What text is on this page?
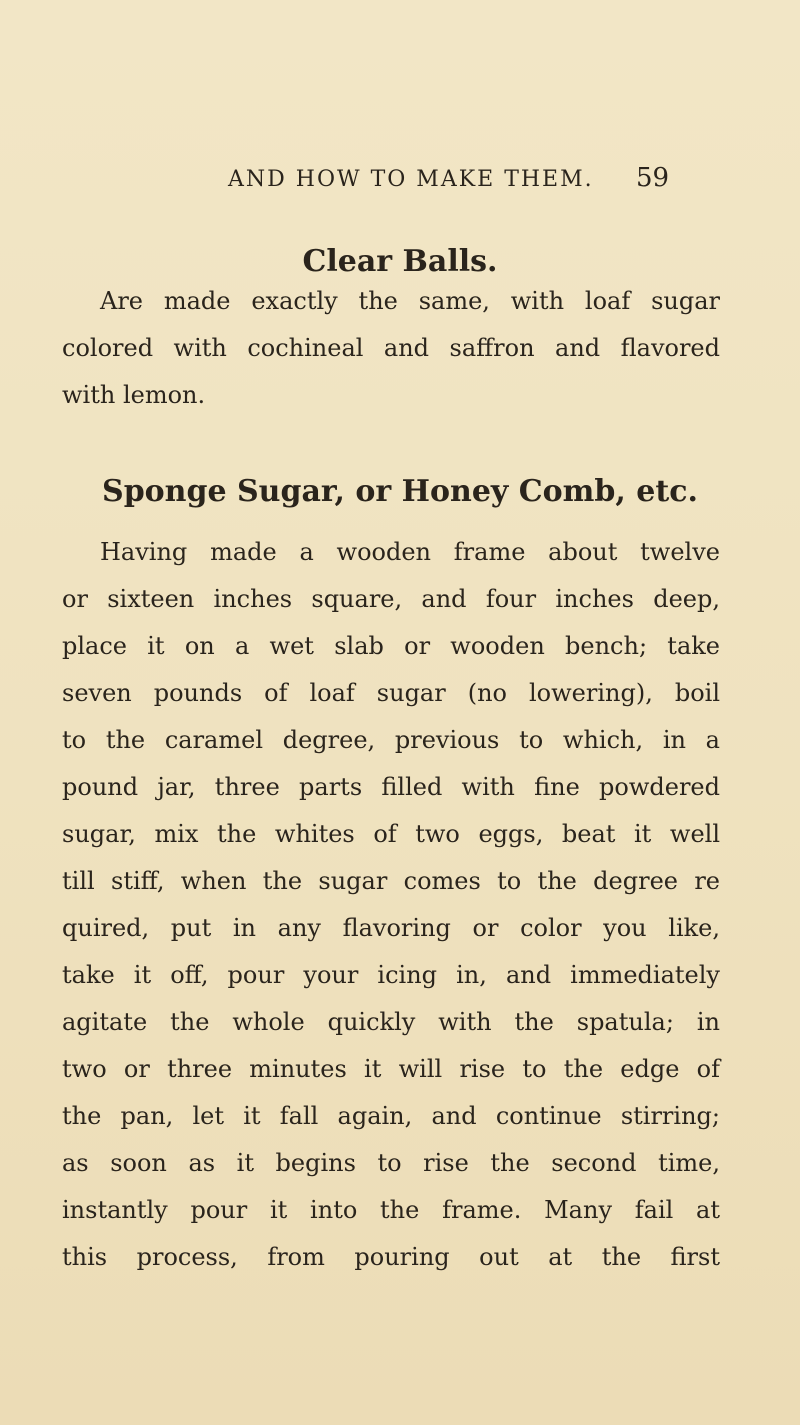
AND HOW TO MAKE THEM. 59
Clear Balls.
Are made exactly the same, with loaf sugar
colored with cochineal and saffron and flavored
with lemon.
Sponge Sugar, or Honey Comb, etc.
Having made a wooden frame about twelve
or sixteen inches square, and four inches deep,
place it on a wet slab or wooden bench; take
seven pounds of loaf sugar (no lowering), boil
to the caramel degree, previous to which, in a
pound jar, three parts filled with fine powdered
sugar, mix the whites of two eggs, beat it well
till stiff, when the sugar comes to the degree re
quired, put in any flavoring or color you like,
take it off, pour your icing in, and immediately
agitate the whole quickly with the spatula; in
two or three minutes it will rise to the edge of
the pan, let it fall again, and continue stirring;
as soon as it begins to rise the second time,
instantly pour it into the frame. Many fail at
this process, from pouring out at the first
